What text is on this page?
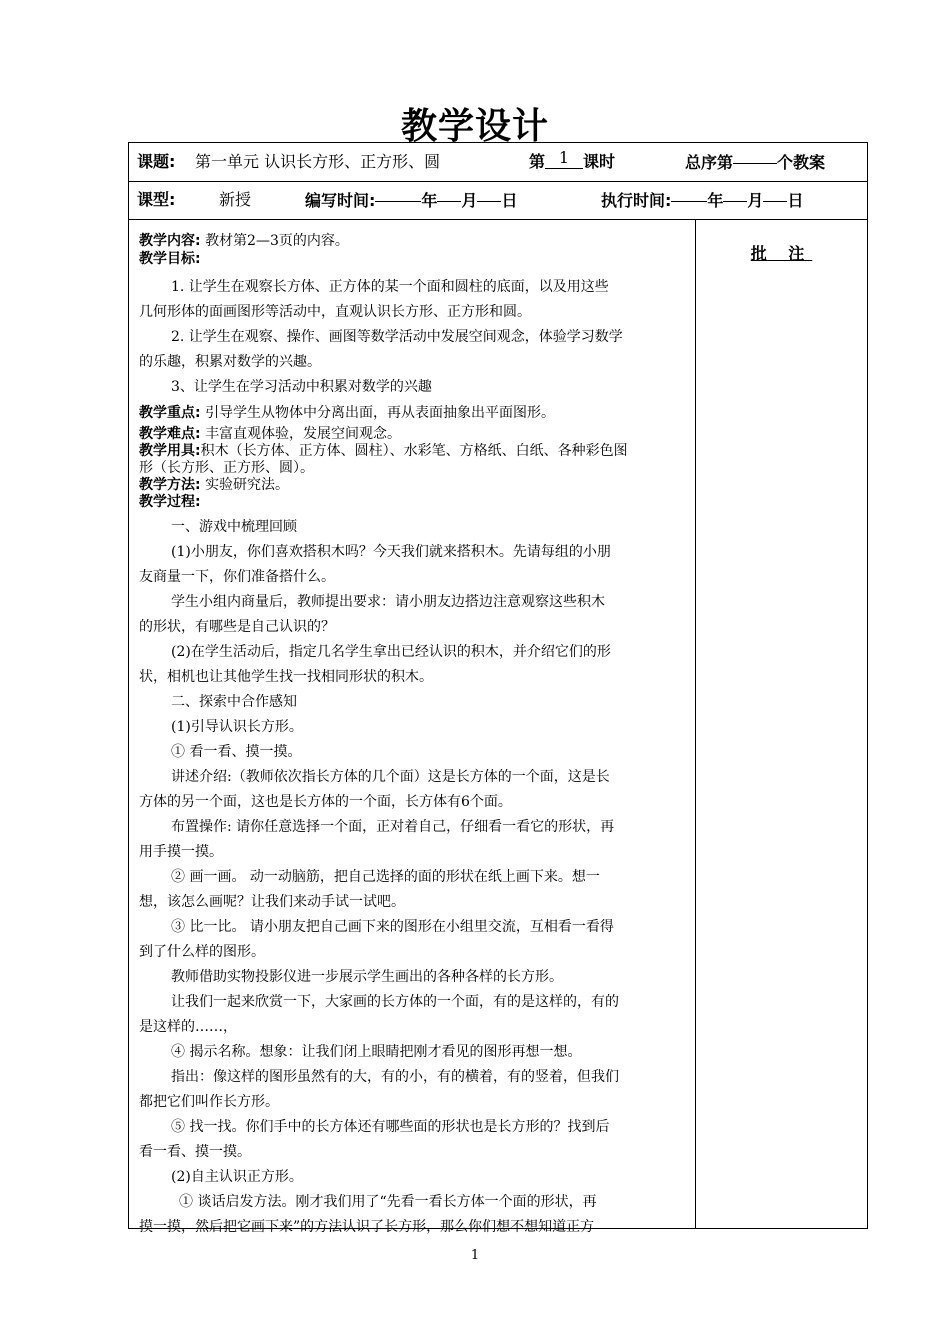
教学设计
课题: 第一单元 认识长方形、正方形、圆	第 1 课时	总序第	个教案
课型:	新授	编写时间:	年 月 日	执行时间: 年 月 日
批 注
教学内容: 教材第2—3页的内容。
教学目标:
1. 让学生在观察长方体、正方体的某一个面和圆柱的底面，以及用这些
几何形体的面画图形等活动中，直观认识长方形、正方形和圆。
2. 让学生在观察、操作、画图等数学活动中发展空间观念，体验学习数学
的乐趣，积累对数学的兴趣。
3、让学生在学习活动中积累对数学的兴趣
教学重点: 引导学生从物体中分离出面，再从表面抽象出平面图形。
教学难点: 丰富直观体验，发展空间观念。
教学用具:积木（长方体、正方体、圆柱）、水彩笔、方格纸、白纸、各种彩色图
形（长方形、正方形、圆）。
教学方法: 实验研究法。
教学过程:
一、游戏中梳理回顾
(1)小朋友，你们喜欢搭积木吗？今天我们就来搭积木。先请每组的小朋
友商量一下，你们准备搭什么。
学生小组内商量后，教师提出要求：请小朋友边搭边注意观察这些积木
的形状，有哪些是自己认识的？
(2)在学生活动后，指定几名学生拿出已经认识的积木，并介绍它们的形
状，相机也让其他学生找一找相同形状的积木。
二、探索中合作感知
(1)引导认识长方形。
① 看一看、摸一摸。
讲述介绍:（教师依次指长方体的几个面）这是长方体的一个面，这是长
方体的另一个面，这也是长方体的一个面，长方体有6个面。
布置操作: 请你任意选择一个面，正对着自己，仔细看一看它的形状，再
用手摸一摸。
② 画一画。 动一动脑筋，把自己选择的面的形状在纸上画下来。想一
想，该怎么画呢？让我们来动手试一试吧。
③ 比一比。 请小朋友把自己画下来的图形在小组里交流，互相看一看得
到了什么样的图形。
教师借助实物投影仪进一步展示学生画出的各种各样的长方形。
让我们一起来欣赏一下，大家画的长方体的一个面，有的是这样的，有的
是这样的……，
④ 揭示名称。想象：让我们闭上眼睛把刚才看见的图形再想一想。
指出：像这样的图形虽然有的大，有的小，有的横着，有的竖着，但我们
都把它们叫作长方形。
⑤ 找一找。你们手中的长方体还有哪些面的形状也是长方形的？找到后
看一看、摸一摸。
(2)自主认识正方形。
① 谈话启发方法。刚才我们用了“先看一看长方体一个面的形状，再
摸一摸，然后把它画下来”的方法认识了长方形，那么你们想不想知道正方
1
